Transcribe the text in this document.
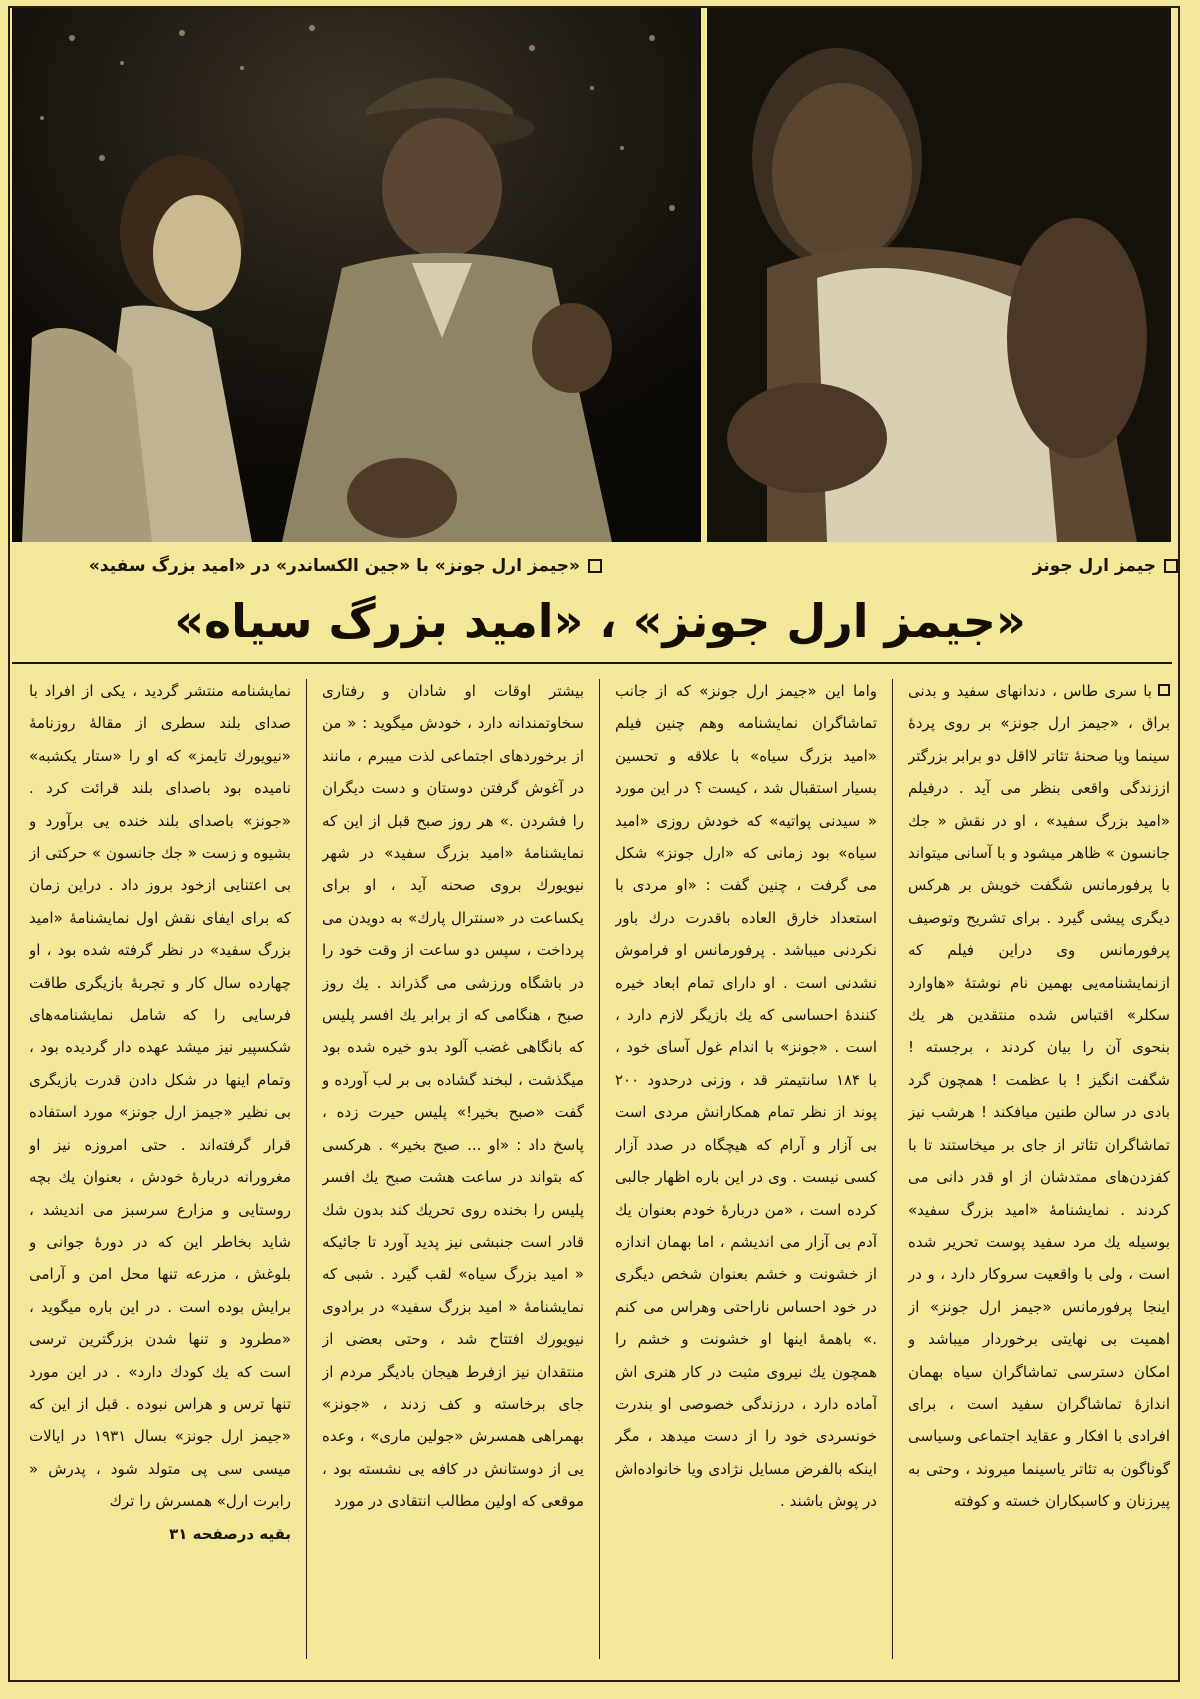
جیمز ارل جونز
«جیمز ارل جونز» با «جین الکساندر» در «امید بزرگ سفید»
«جیمز ارل جونز» ، «امید بزرگ سیاه»

با سری طاس ، دندانهای سفید و بدنی براق ، «جیمز ارل جونز» بر روی پردهٔ سینما ویا صحنهٔ تئاتر لااقل دو برابر بزرگتر اززندگی واقعی بنظر می آید . درفیلم «امید بزرگ سفید» ، او در نقش « جك جانسون » ظاهر میشود و با آسانی میتواند با پرفورمانس شگفت خویش بر هرکس دیگری پیشی گیرد . برای تشریح وتوصیف پرفورمانس وی دراین فیلم که ازنمایشنامه‌یی بهمین نام نوشتهٔ «هاوارد سکلر» اقتباس شده منتقدین هر یك بنحوی آن را بیان کردند ، برجسته ! شگفت انگیز ! با عظمت ! همچون گرد بادی در سالن طنین میافکند ! هرشب نیز تماشاگران تئاتر از جای بر میخاستند تا با کفزدن‌های ممتدشان از او قدر دانی می کردند . نمایشنامهٔ «امید بزرگ سفید» بوسیله یك مرد سفید پوست تحریر شده است ، ولی با واقعیت سروکار دارد ، و در اینجا پرفورمانس «جیمز ارل جونز» از اهمیت بی نهایتی برخوردار میباشد و امکان دسترسی تماشاگران سیاه بهمان اندازهٔ تماشاگران سفید است ، برای افرادی با افکار و عقاید اجتماعی وسیاسی گوناگون به تئاتر یاسینما میروند ، وحتی به پیرزنان و کاسبکاران خسته و کوفته

واما این «جیمز ارل جونز» که از جانب تماشاگران نمایشنامه وهم چنین فیلم «امید بزرگ سیاه» با علاقه و تحسین بسیار استقبال شد ، کیست ؟ در این مورد « سیدنی پواتیه» که خودش روزی «امید سیاه» بود زمانی که «ارل جونز» شکل می گرفت ، چنین گفت : «او مردی با استعداد خارق العاده باقدرت درك باور نکردنی میباشد . پرفورمانس او فراموش نشدنی است . او دارای تمام ابعاد خیره کنندهٔ احساسی که یك بازیگر لازم دارد ، است . «جونز» با اندام غول آسای خود ، با ۱۸۴ سانتیمتر قد ، وزنی درحدود ۲۰۰ پوند از نظر تمام همکارانش مردی است بی آزار و آرام که هیچگاه در صدد آزار کسی نیست . وی در این باره اظهار جالبی کرده است ، «من دربارهٔ خودم بعنوان یك آدم بی آزار می اندیشم ، اما بهمان اندازه از خشونت و خشم بعنوان شخص دیگری در خود احساس ناراحتی وهراس می کنم .» باهمهٔ اینها او خشونت و خشم را همچون یك نیروی مثبت در کار هنری اش آماده دارد ، درزندگی خصوصی او بندرت خونسردی خود را از دست میدهد ، مگر اینکه بالفرض مسایل نژادی ویا خانواده‌اش در پوش باشند .

بیشتر اوقات او شادان و رفتاری سخاوتمندانه دارد ، خودش میگوید : « من از برخوردهای اجتماعی لذت میبرم ، مانند در آغوش گرفتن دوستان و دست دیگران را فشردن .» هر روز صبح قبل از این که نمایشنامهٔ «امید بزرگ سفید» در شهر نیویورك بروی صحنه آید ، او برای یکساعت در «سنترال پارك» به دویدن می پرداخت ، سپس دو ساعت از وقت خود را در باشگاه ورزشی می گذراند . یك روز صبح ، هنگامی که از برابر یك افسر پلیس که بانگاهی غضب آلود بدو خیره شده بود میگذشت ، لبخند گشاده بی بر لب آورده و گفت «صبح بخیر!» پلیس حیرت زده ، پاسخ داد : «او ... صبح بخیر» . هرکسی که بتواند در ساعت هشت صبح یك افسر پلیس را بخنده روی تحریك کند بدون شك قادر است جنبشی نیز پدید آورد تا جائیکه « امید بزرگ سیاه» لقب گیرد . شبی که نمایشنامهٔ « امید بزرگ سفید» در برادوی نیویورك افتتاح شد ، وحتی بعضی از منتقدان نیز ازفرط هیجان بادیگر مردم از جای برخاسته و کف زدند ، «جونز» بهمراهی همسرش «جولین ماری» ، وعده یی از دوستانش در کافه یی نشسته بود ، موقعی که اولین مطالب انتقادی در مورد

نمایشنامه منتشر گردید ، یکی از افراد با صدای بلند سطری از مقالهٔ روزنامهٔ «نیویورك تایمز» که او را «ستار یکشبه» نامیده بود باصدای بلند قرائت کرد . «جونز» باصدای بلند خنده یی برآورد و بشیوه و زست « جك جانسون » حرکتی از بی اعتنایی ازخود بروز داد . دراین زمان که برای ایفای نقش اول نمایشنامهٔ «امید بزرگ سفید» در نظر گرفته شده بود ، او چهارده سال کار و تجربهٔ بازیگری طاقت فرسایی را که شامل نمایشنامه‌های شکسپیر نیز میشد عهده دار گردیده بود ، وتمام اینها در شکل دادن قدرت بازیگری بی نظیر «جیمز ارل جونز» مورد استفاده قرار گرفته‌اند . حتی امروزه نیز او مغرورانه دربارهٔ خودش ، بعنوان یك بچه روستایی و مزارع سرسبز می اندیشد ، شاید بخاطر این که در دورهٔ جوانی و بلوغش ، مزرعه تنها محل امن و آرامی برایش بوده است . در این باره میگوید ، «مطرود و تنها شدن بزرگترین ترسی است که یك کودك دارد» . در این مورد تنها ترس و هراس نبوده . قبل از این که «جیمز ارل جونز» بسال ۱۹۳۱ در ایالات میسی سی پی متولد شود ، پدرش « رابرت ارل» همسرش را ترك

بقیه درصفحه ۳۱
